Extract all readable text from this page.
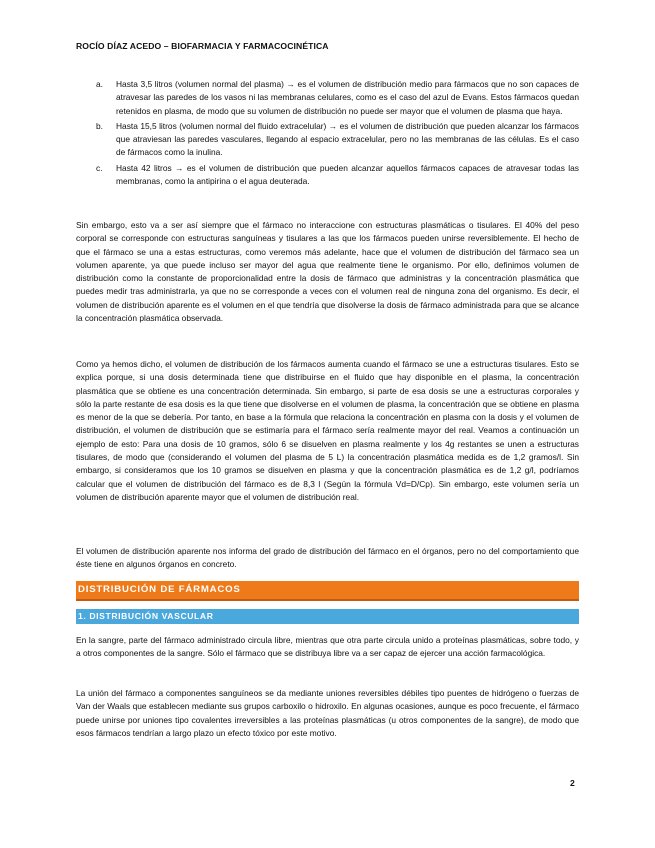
ROCÍO DÍAZ ACEDO – BIOFARMACIA Y FARMACOCINÉTICA
a. Hasta 3,5 litros (volumen normal del plasma) → es el volumen de distribución medio para fármacos que no son capaces de atravesar las paredes de los vasos ni las membranas celulares, como es el caso del azul de Evans. Estos fármacos quedan retenidos en plasma, de modo que su volumen de distribución no puede ser mayor que el volumen de plasma que haya.
b. Hasta 15,5 litros (volumen normal del fluido extracelular) → es el volumen de distribución que pueden alcanzar los fármacos que atraviesan las paredes vasculares, llegando al espacio extracelular, pero no las membranas de las células. Es el caso de fármacos como la inulina.
c. Hasta 42 litros → es el volumen de distribución que pueden alcanzar aquellos fármacos capaces de atravesar todas las membranas, como la antipirina o el agua deuterada.

Sin embargo, esto va a ser así siempre que el fármaco no interaccione con estructuras plasmáticas o tisulares. El 40% del peso corporal se corresponde con estructuras sanguíneas y tisulares a las que los fármacos pueden unirse reversiblemente. El hecho de que el fármaco se una a estas estructuras, como veremos más adelante, hace que el volumen de distribución del fármaco sea un volumen aparente, ya que puede incluso ser mayor del agua que realmente tiene le organismo. Por ello, definimos volumen de distribución como la constante de proporcionalidad entre la dosis de fármaco que administras y la concentración plasmática que puedes medir tras administrarla, ya que no se corresponde a veces con el volumen real de ninguna zona del organismo. Es decir, el volumen de distribución aparente es el volumen en el que tendría que disolverse la dosis de fármaco administrada para que se alcance la concentración plasmática observada.

Como ya hemos dicho, el volumen de distribución de los fármacos aumenta cuando el fármaco se une a estructuras tisulares. Esto se explica porque, si una dosis determinada tiene que distribuirse en el fluido que hay disponible en el plasma, la concentración plasmática que se obtiene es una concentración determinada. Sin embargo, si parte de esa dosis se une a estructuras corporales y sólo la parte restante de esa dosis es la que tiene que disolverse en el volumen de plasma, la concentración que se obtiene en plasma es menor de la que se debería. Por tanto, en base a la fórmula que relaciona la concentración en plasma con la dosis y el volumen de distribución, el volumen de distribución que se estimaría para el fármaco sería realmente mayor del real. Veamos a continuación un ejemplo de esto: Para una dosis de 10 gramos, sólo 6 se disuelven en plasma realmente y los 4g restantes se unen a estructuras tisulares, de modo que (considerando el volumen del plasma de 5 L) la concentración plasmática medida es de 1,2 gramos/l. Sin embargo, si consideramos que los 10 gramos se disuelven en plasma y que la concentración plasmática es de 1,2 g/l, podríamos calcular que el volumen de distribución del fármaco es de 8,3 l (Según la fórmula Vd=D/Cp). Sin embargo, este volumen sería un volumen de distribución aparente mayor que el volumen de distribución real.

El volumen de distribución aparente nos informa del grado de distribución del fármaco en el órganos, pero no del comportamiento que éste tiene en algunos órganos en concreto.

DISTRIBUCIÓN DE FÁRMACOS
1. DISTRIBUCIÓN VASCULAR

En la sangre, parte del fármaco administrado circula libre, mientras que otra parte circula unido a proteínas plasmáticas, sobre todo, y a otros componentes de la sangre. Sólo el fármaco que se distribuya libre va a ser capaz de ejercer una acción farmacológica.

La unión del fármaco a componentes sanguíneos se da mediante uniones reversibles débiles tipo puentes de hidrógeno o fuerzas de Van der Waals que establecen mediante sus grupos carboxilo o hidroxilo. En algunas ocasiones, aunque es poco frecuente, el fármaco puede unirse por uniones tipo covalentes irreversibles a las proteínas plasmáticas (u otros componentes de la sangre), de modo que esos fármacos tendrían a largo plazo un efecto tóxico por este motivo.

2
